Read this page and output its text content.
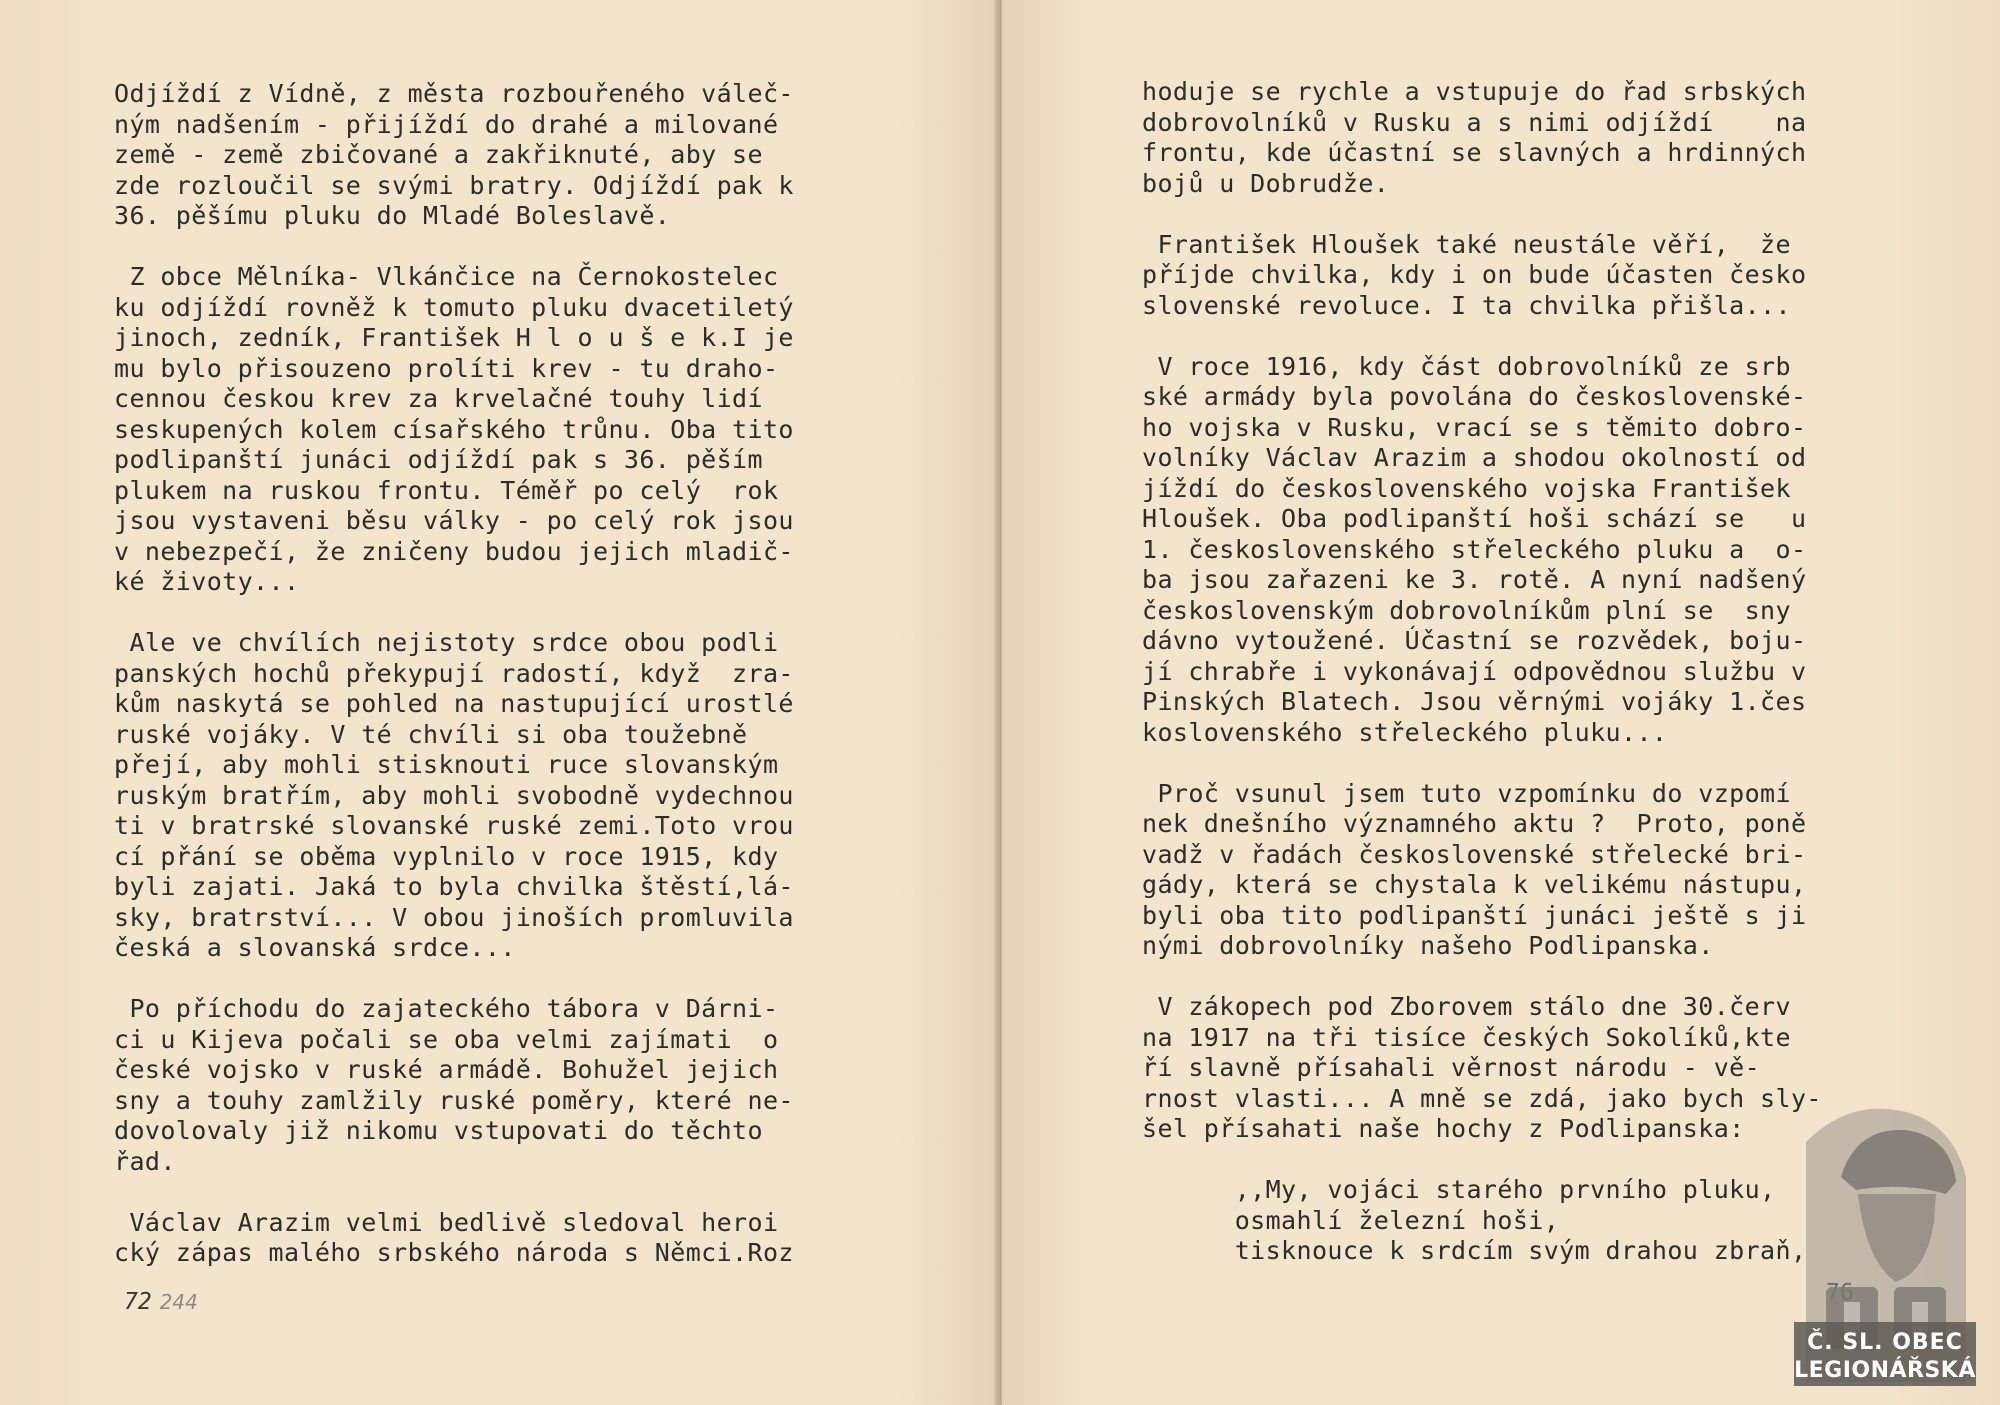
Odjíždí z Vídně, z města rozbouřeného váleč-
ným nadšením - přijíždí do drahé a milované
země - země zbičované a zakřiknuté, aby se
zde rozloučil se svými bratry. Odjíždí pak k
36. pěšímu pluku do Mladé Boleslavě.

Z obce Mělníka- Vlkánčice na Černokostelec
ku odjíždí rovněž k tomuto pluku dvacetiletý
jinoch, zedník, František H l o u š e k.I je
mu bylo přisouzeno prolíti krev - tu draho-
cennou českou krev za krvelačné touhy lidí
seskupených kolem císařského trůnu. Oba tito
podlipanští junáci odjíždí pak s 36. pěším
plukem na ruskou frontu. Téměř po celý  rok
jsou vystaveni běsu války - po celý rok jsou
v nebezpečí, že zničeny budou jejich mladič-
ké životy...

Ale ve chvílích nejistoty srdce obou podli
panských hochů překypují radostí, když  zra-
kům naskytá se pohled na nastupující urostlé
ruské vojáky. V té chvíli si oba toužebně
přejí, aby mohli stisknouti ruce slovanským
ruským bratřím, aby mohli svobodně vydechnou
ti v bratrské slovanské ruské zemi.Toto vrou
cí přání se oběma vyplnilo v roce 1915, kdy
byli zajati. Jaká to byla chvilka štěstí,lá-
sky, bratrství... V obou jinoších promluvila
česká a slovanská srdce...

Po příchodu do zajateckého tábora v Dárni-
ci u Kijeva počali se oba velmi zajímati  o
české vojsko v ruské armádě. Bohužel jejich
sny a touhy zamlžily ruské poměry, které ne-
dovolovaly již nikomu vstupovati do těchto
řad.

Václav Arazim velmi bedlivě sledoval heroi
cký zápas malého srbského národa s Němci.Roz

hoduje se rychle a vstupuje do řad srbských
dobrovolníků v Rusku a s nimi odjíždí    na
frontu, kde účastní se slavných a hrdinných
bojů u Dobrudže.

František Hloušek také neustále věří,  že
příjde chvilka, kdy i on bude účasten česko
slovenské revoluce. I ta chvilka přišla...

V roce 1916, kdy část dobrovolníků ze srb
ské armády byla povolána do československé-
ho vojska v Rusku, vrací se s těmito dobro-
volníky Václav Arazim a shodou okolností od
jíždí do československého vojska František
Hloušek. Oba podlipanští hoši schází se   u
1. československého střeleckého pluku a  o-
ba jsou zařazeni ke 3. rotě. A nyní nadšený
československým dobrovolníkům plní se  sny
dávno vytoužené. Účastní se rozvědek, boju-
jí chrabře i vykonávají odpovědnou službu v
Pinských Blatech. Jsou věrnými vojáky 1.čes
koslovenského střeleckého pluku...

Proč vsunul jsem tuto vzpomínku do vzpomí
nek dnešního významného aktu ?  Proto, poně
vadž v řadách československé střelecké bri-
gády, která se chystala k velikému nástupu,
byli oba tito podlipanští junáci ještě s ji
nými dobrovolníky našeho Podlipanska.

V zákopech pod Zborovem stálo dne 30.červ
na 1917 na tři tisíce českých Sokolíků,kte
ří slavně přísahali věrnost národu - vě-
rnost vlasti... A mně se zdá, jako bych sly-
šel přísahati naše hochy z Podlipanska:

,,My, vojáci starého prvního pluku,
osmahlí železní hoši,
tisknouce k srdcím svým drahou zbraň,

72 244
Č. SL. OBEC
LEGIONÁŘSKÁ
